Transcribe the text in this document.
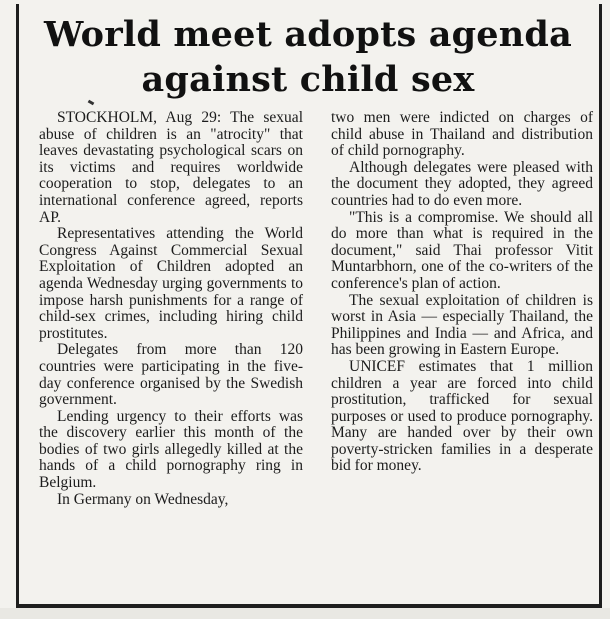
World meet adopts agenda
against child sex

STOCKHOLM, Aug 29: The sexual abuse of children is an "atrocity" that leaves devastating psychological scars on its victims and requires worldwide cooperation to stop, delegates to an international conference agreed, reports AP.

Representatives attending the World Congress Against Commercial Sexual Exploitation of Children adopted an agenda Wednesday urging governments to impose harsh punishments for a range of child-sex crimes, including hiring child prostitutes.

Delegates from more than 120 countries were participating in the five-day conference organised by the Swedish government.

Lending urgency to their efforts was the discovery earlier this month of the bodies of two girls allegedly killed at the hands of a child pornography ring in Belgium.

In Germany on Wednesday,

two men were indicted on charges of child abuse in Thailand and distribution of child pornography.

Although delegates were pleased with the document they adopted, they agreed countries had to do even more.

"This is a compromise. We should all do more than what is required in the document," said Thai professor Vitit Muntarbhorn, one of the co-writers of the conference's plan of action.

The sexual exploitation of children is worst in Asia — especially Thailand, the Philippines and India — and Africa, and has been growing in Eastern Europe.

UNICEF estimates that 1 million children a year are forced into child prostitution, trafficked for sexual purposes or used to produce pornography. Many are handed over by their own poverty-stricken families in a desperate bid for money.
